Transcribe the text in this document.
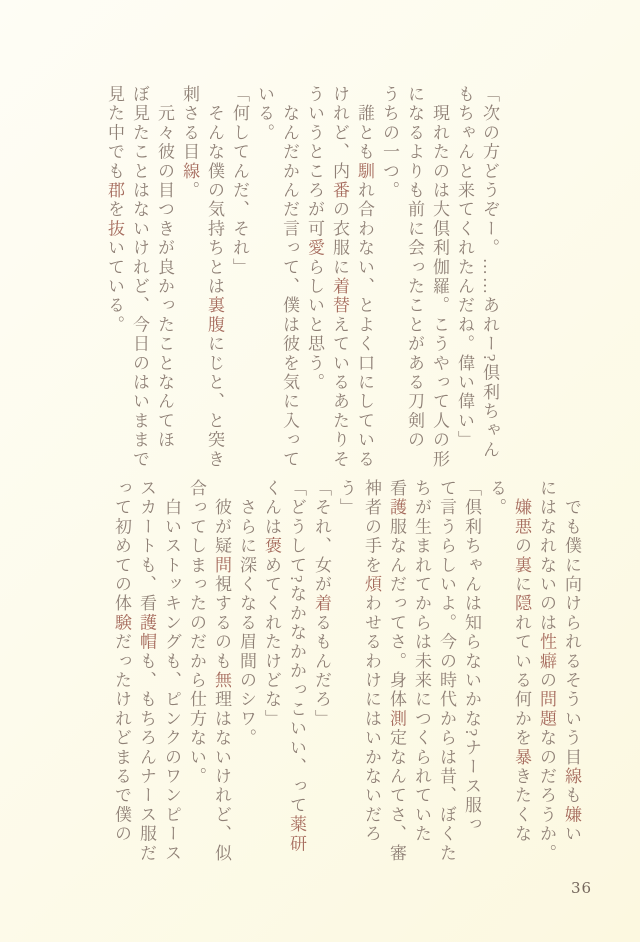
「次の方どうぞー。……あれー?倶利ちゃん

もちゃんと来てくれたんだね。偉い偉い」

　現れたのは大倶利伽羅。こうやって人の形

になるよりも前に会ったことがある刀剣の

うちの一つ。

　誰とも馴れ合わない、とよく口にしている

けれど、内番の衣服に着替えているあたりそ

ういうところが可愛らしいと思う。

　なんだかんだ言って、僕は彼を気に入って

いる。

「何してんだ、それ」

　そんな僕の気持ちとは裏腹にじと、と突き

刺さる目線。

　元々彼の目つきが良かったことなんてほ

ぼ見たことはないけれど、今日のはいままで

見た中でも郡を抜いている。

　でも僕に向けられるそういう目線も嫌い

にはなれないのは性癖の問題なのだろうか。

　嫌悪の裏に隠れている何かを暴きたくな

る。

「倶利ちゃんは知らないかな?ナース服っ

て言うらしいよ。今の時代からは昔、ぼくた

ちが生まれてからは未来につくられていた

看護服なんだってさ。身体測定なんてさ、審

神者の手を煩わせるわけにはいかないだろ

う」

「それ、女が着るもんだろ」

「どうして?なかなかかっこいい、って薬研

くんは褒めてくれたけどな」

　さらに深くなる眉間のシワ。

　彼が疑問視するのも無理はないけれど、似

合ってしまったのだから仕方ない。

　白いストッキングも、ピンクのワンピース

スカートも、看護帽も、もちろんナース服だ

って初めての体験だったけれどまるで僕の

36
